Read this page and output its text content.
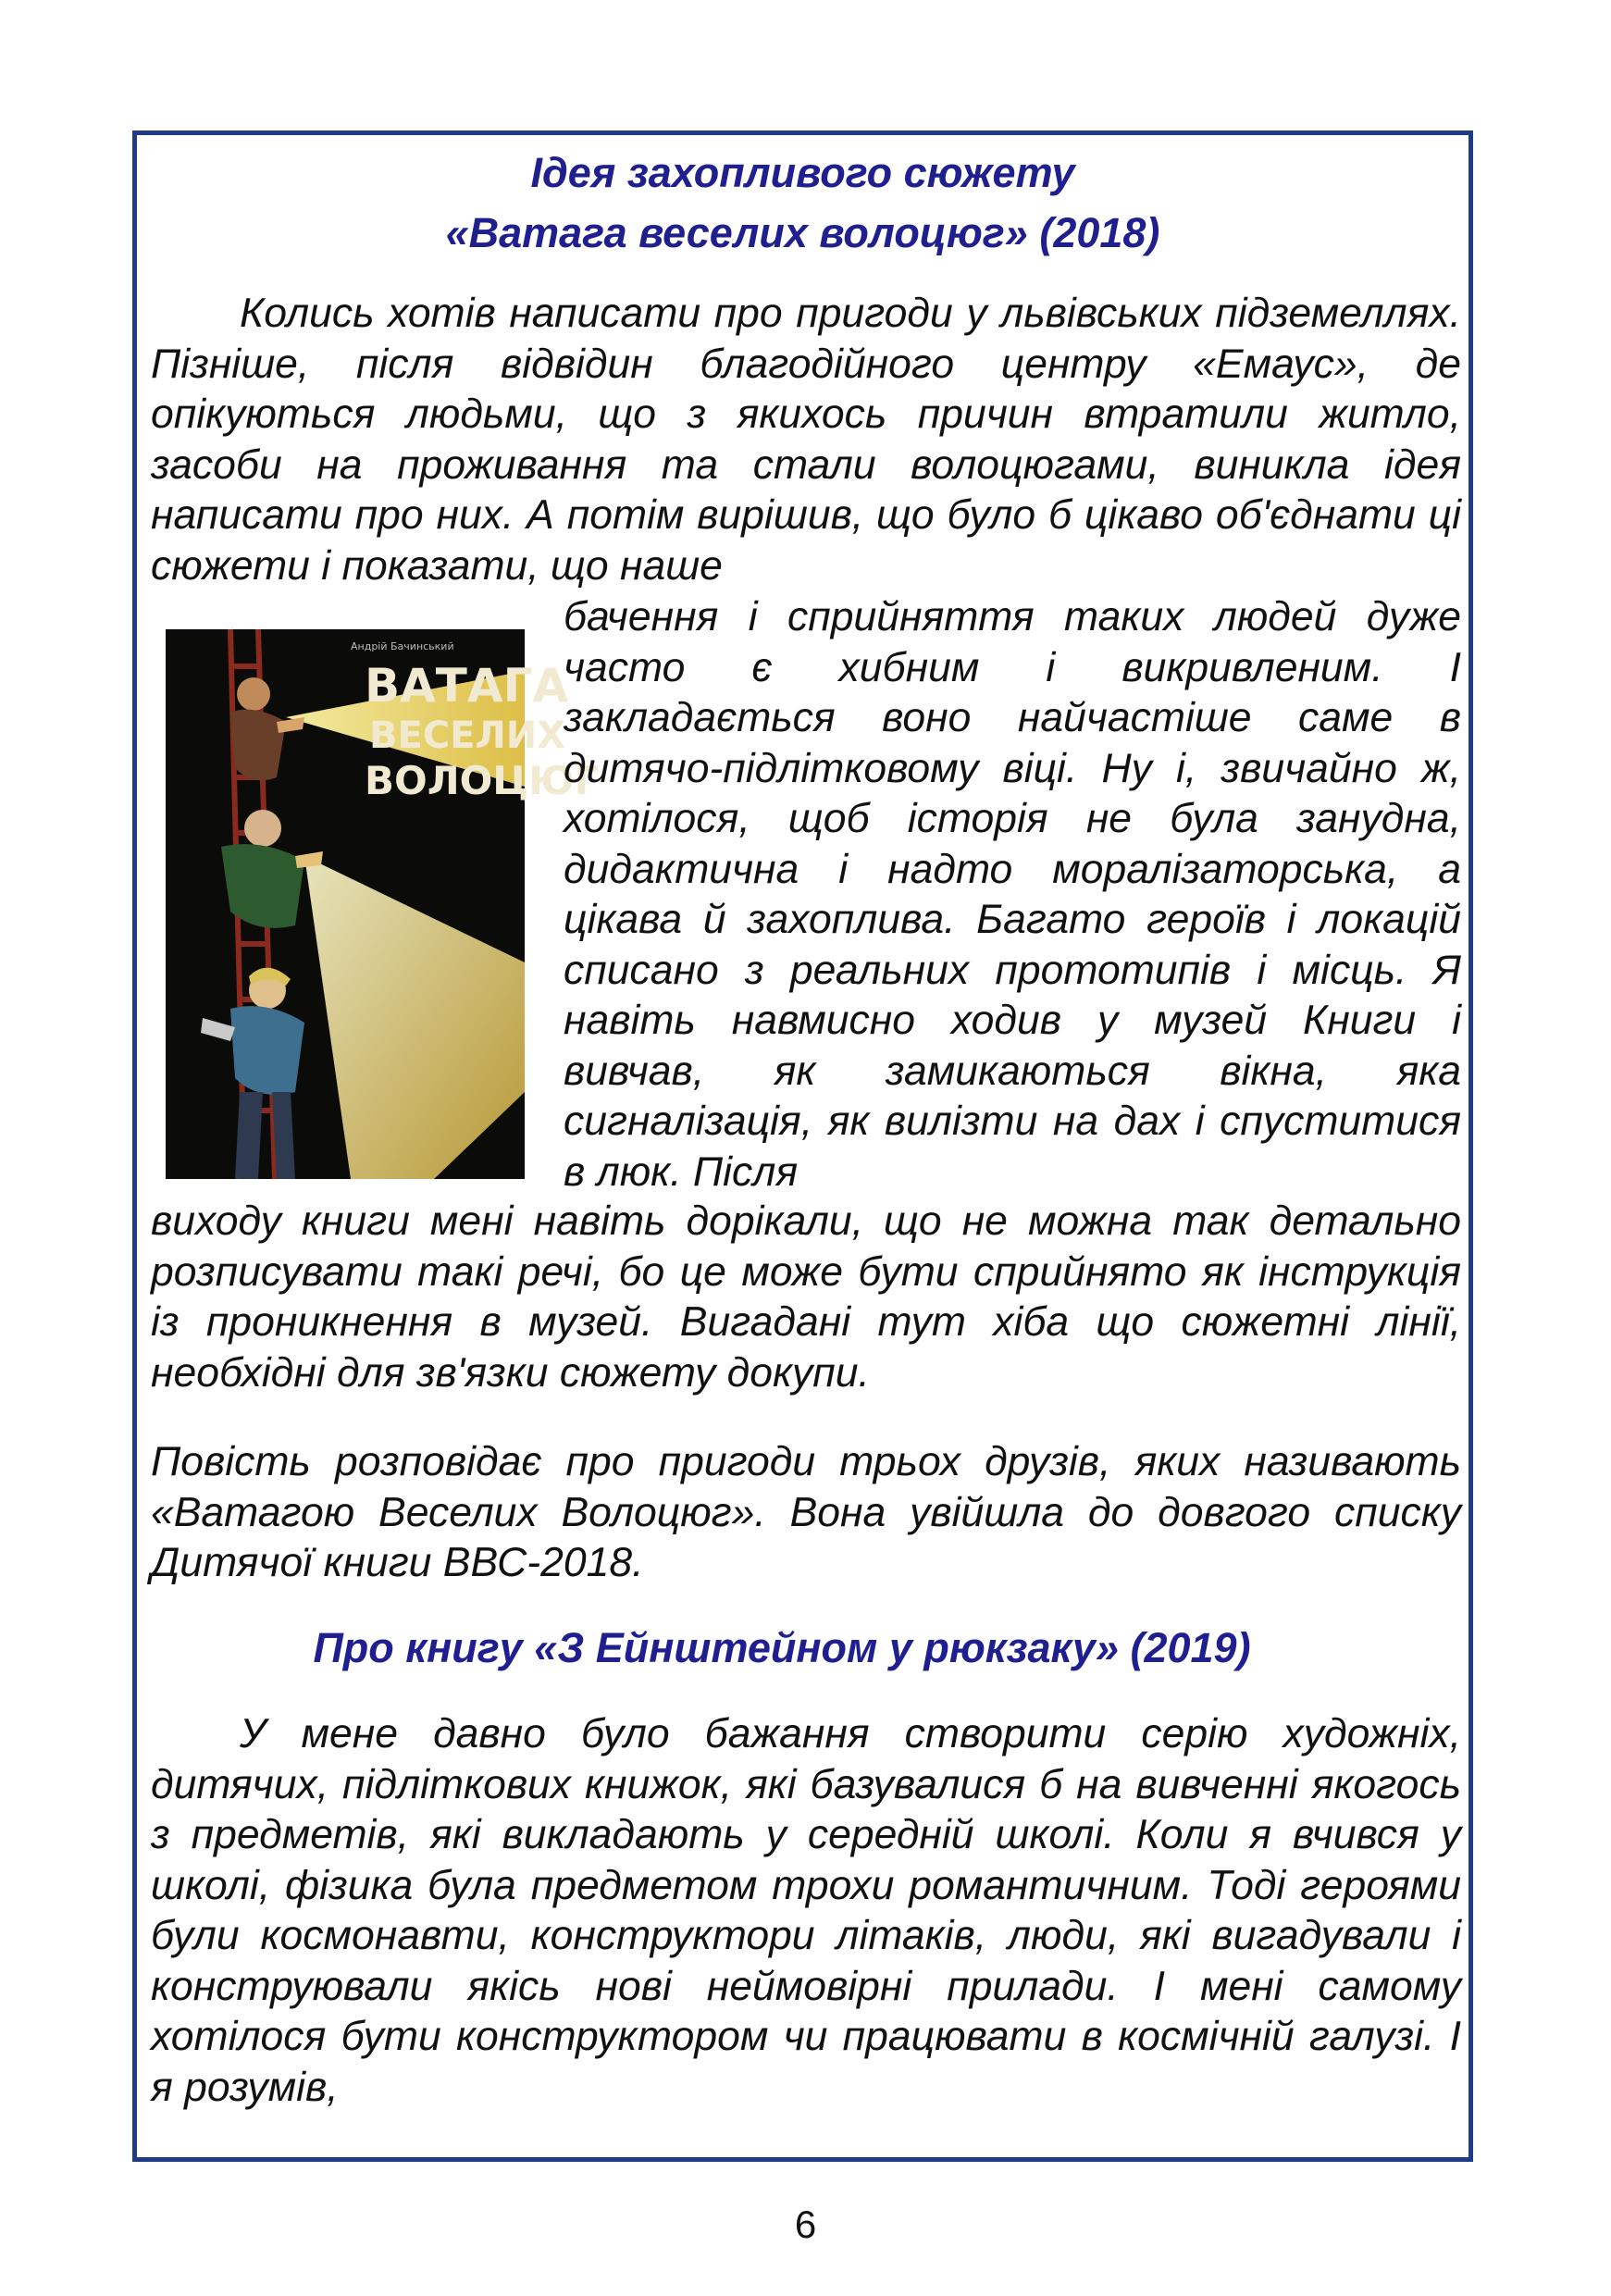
Ідея захопливого сюжету
«Ватага веселих волоцюг» (2018)

Колись хотів написати про пригоди у львівських підземеллях. Пізніше, після відвідин благодійного центру «Емаус», де опікуються людьми, що з якихось причин втратили житло, засоби на проживання та стали волоцюгами, виникла ідея написати про них. А потім вирішив, що було б цікаво об'єднати ці сюжети і показати, що наше

ВАТАГА
ВЕСЕЛИХ
ВОЛОЦЮГ
Андрій Бачинський

бачення і сприйняття таких людей дуже часто є хибним і викривленим. І закладається воно найчастіше саме в дитячо-підлітковому віці. Ну і, звичайно ж, хотілося, щоб історія не була занудна, дидактична і надто моралізаторська, а цікава й захоплива. Багато героїв і локацій списано з реальних прототипів і місць. Я навіть навмисно ходив у музей Книги і вивчав, як замикаються вікна, яка сигналізація, як вилізти на дах і спуститися в люк. Після

виходу книги мені навіть дорікали, що не можна так детально розписувати такі речі, бо це може бути сприйнято як інструкція із проникнення в музей. Вигадані тут хіба що сюжетні лінії, необхідні для зв'язки сюжету докупи.

Повість розповідає про пригоди трьох друзів, яких називають «Ватагою Веселих Волоцюг». Вона увійшла до довгого списку Дитячої книги ВВС-2018.

Про книгу «З Ейнштейном у рюкзаку» (2019)

У мене давно було бажання створити серію художніх, дитячих, підліткових книжок, які базувалися б на вивченні якогось з предметів, які викладають у середній школі. Коли я вчився у школі, фізика була предметом трохи романтичним. Тоді героями були космонавти, конструктори літаків, люди, які вигадували і конструювали якісь нові неймовірні прилади. І мені самому хотілося бути конструктором чи працювати в космічній галузі. І я розумів,

6
